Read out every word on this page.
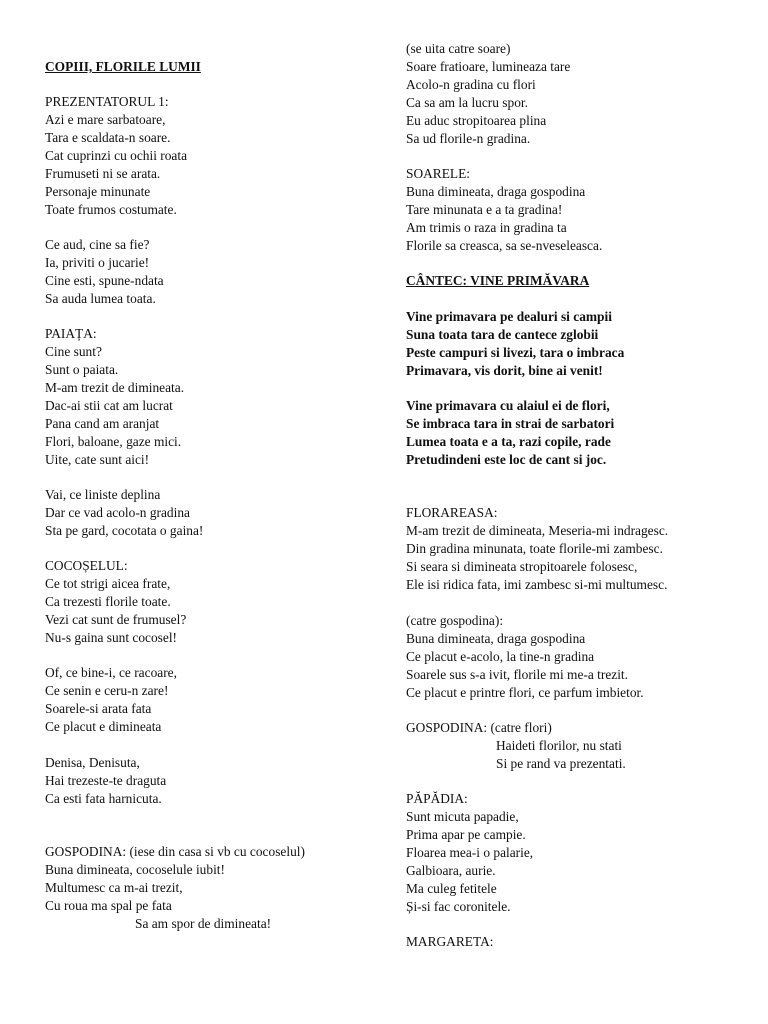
COPIII, FLORILE LUMII
PREZENTATORUL 1:
Azi e mare sarbatoare,
Tara e scaldata-n soare.
Cat cuprinzi cu ochii roata
Frumuseti ni se arata.
Personaje minunate
Toate frumos costumate.
Ce aud, cine sa fie?
Ia, priviti o jucarie!
Cine esti, spune-ndata
Sa auda lumea toata.
PAIAȚA:
Cine sunt?
Sunt o paiata.
M-am trezit de dimineata.
Dac-ai stii cat am lucrat
Pana cand am aranjat
Flori, baloane, gaze mici.
Uite, cate sunt aici!
Vai, ce liniste deplina
Dar ce vad acolo-n gradina
Sta pe gard, cocotata o gaina!
COCOȘELUL:
Ce tot strigi aicea frate,
Ca trezesti florile toate.
Vezi cat sunt de frumusel?
Nu-s gaina sunt cocosel!
Of, ce bine-i, ce racoare,
Ce senin e ceru-n zare!
Soarele-si arata fata
Ce placut e dimineata
Denisa, Denisuta,
Hai trezeste-te draguta
Ca esti fata harnicuta.
GOSPODINA: (iese din casa si vb cu cocoselul)
Buna dimineata, cocoselule iubit!
Multumesc ca m-ai trezit,
Cu roua ma spal pe fata
Sa am spor de dimineata!
(se uita catre soare)
Soare fratioare, lumineaza tare
Acolo-n gradina cu flori
Ca sa am la lucru spor.
Eu aduc stropitoarea plina
Sa ud florile-n gradina.
SOARELE:
Buna dimineata, draga gospodina
Tare minunata e a ta gradina!
Am trimis o raza in gradina ta
Florile sa creasca, sa se-nveseleasca.
CÂNTEC: VINE PRIMĂVARA
Vine primavara pe dealuri si campii
Suna toata tara de cantece zglobii
Peste campuri si livezi, tara o imbraca
Primavara, vis dorit, bine ai venit!
Vine primavara cu alaiul ei de flori,
Se imbraca tara in strai de sarbatori
Lumea toata e a ta, razi copile, rade
Pretudindeni este loc de cant si joc.
FLORAREASA:
M-am trezit de dimineata, Meseria-mi indragesc.
Din gradina minunata, toate florile-mi zambesc.
Si seara si dimineata stropitoarele folosesc,
Ele isi ridica fata, imi zambesc si-mi multumesc.
(catre gospodina):
Buna dimineata, draga gospodina
Ce placut e-acolo, la tine-n gradina
Soarele sus s-a ivit, florile mi me-a trezit.
Ce placut e printre flori, ce parfum imbietor.
GOSPODINA: (catre flori)
Haideti florilor, nu stati
Si pe rand va prezentati.
PĂPĂDIA:
Sunt micuta papadie,
Prima apar pe campie.
Floarea mea-i o palarie,
Galbioara, aurie.
Ma culeg fetitele
Și-si fac coronitele.
MARGARETA:
